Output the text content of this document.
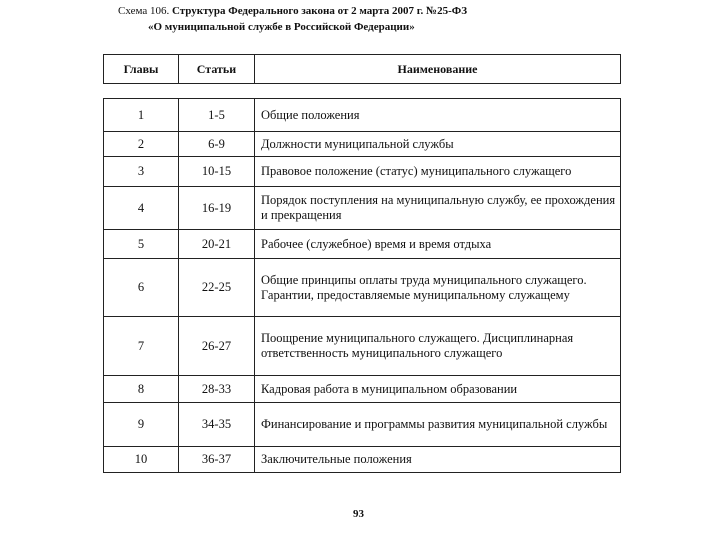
Схема 106. Структура Федерального закона от 2 марта 2007 г. №25-ФЗ
«О муниципальной службе в Российской Федерации»
Главы	Статьи	Наименование
1	1-5	Общие положения
2	6-9	Должности муниципальной службы
3	10-15	Правовое положение (статус) муниципального служащего
4	16-19	Порядок поступления на муниципальную службу, ее прохождения и прекращения
5	20-21	Рабочее (служебное) время и время отдыха
6	22-25	Общие принципы оплаты труда муниципального служащего. Гарантии, предоставляемые муниципальному служащему
7	26-27	Поощрение муниципального служащего. Дисциплинарная ответственность муниципального служащего
8	28-33	Кадровая работа в муниципальном образовании
9	34-35	Финансирование и программы развития муниципальной службы
10	36-37	Заключительные положения
93
